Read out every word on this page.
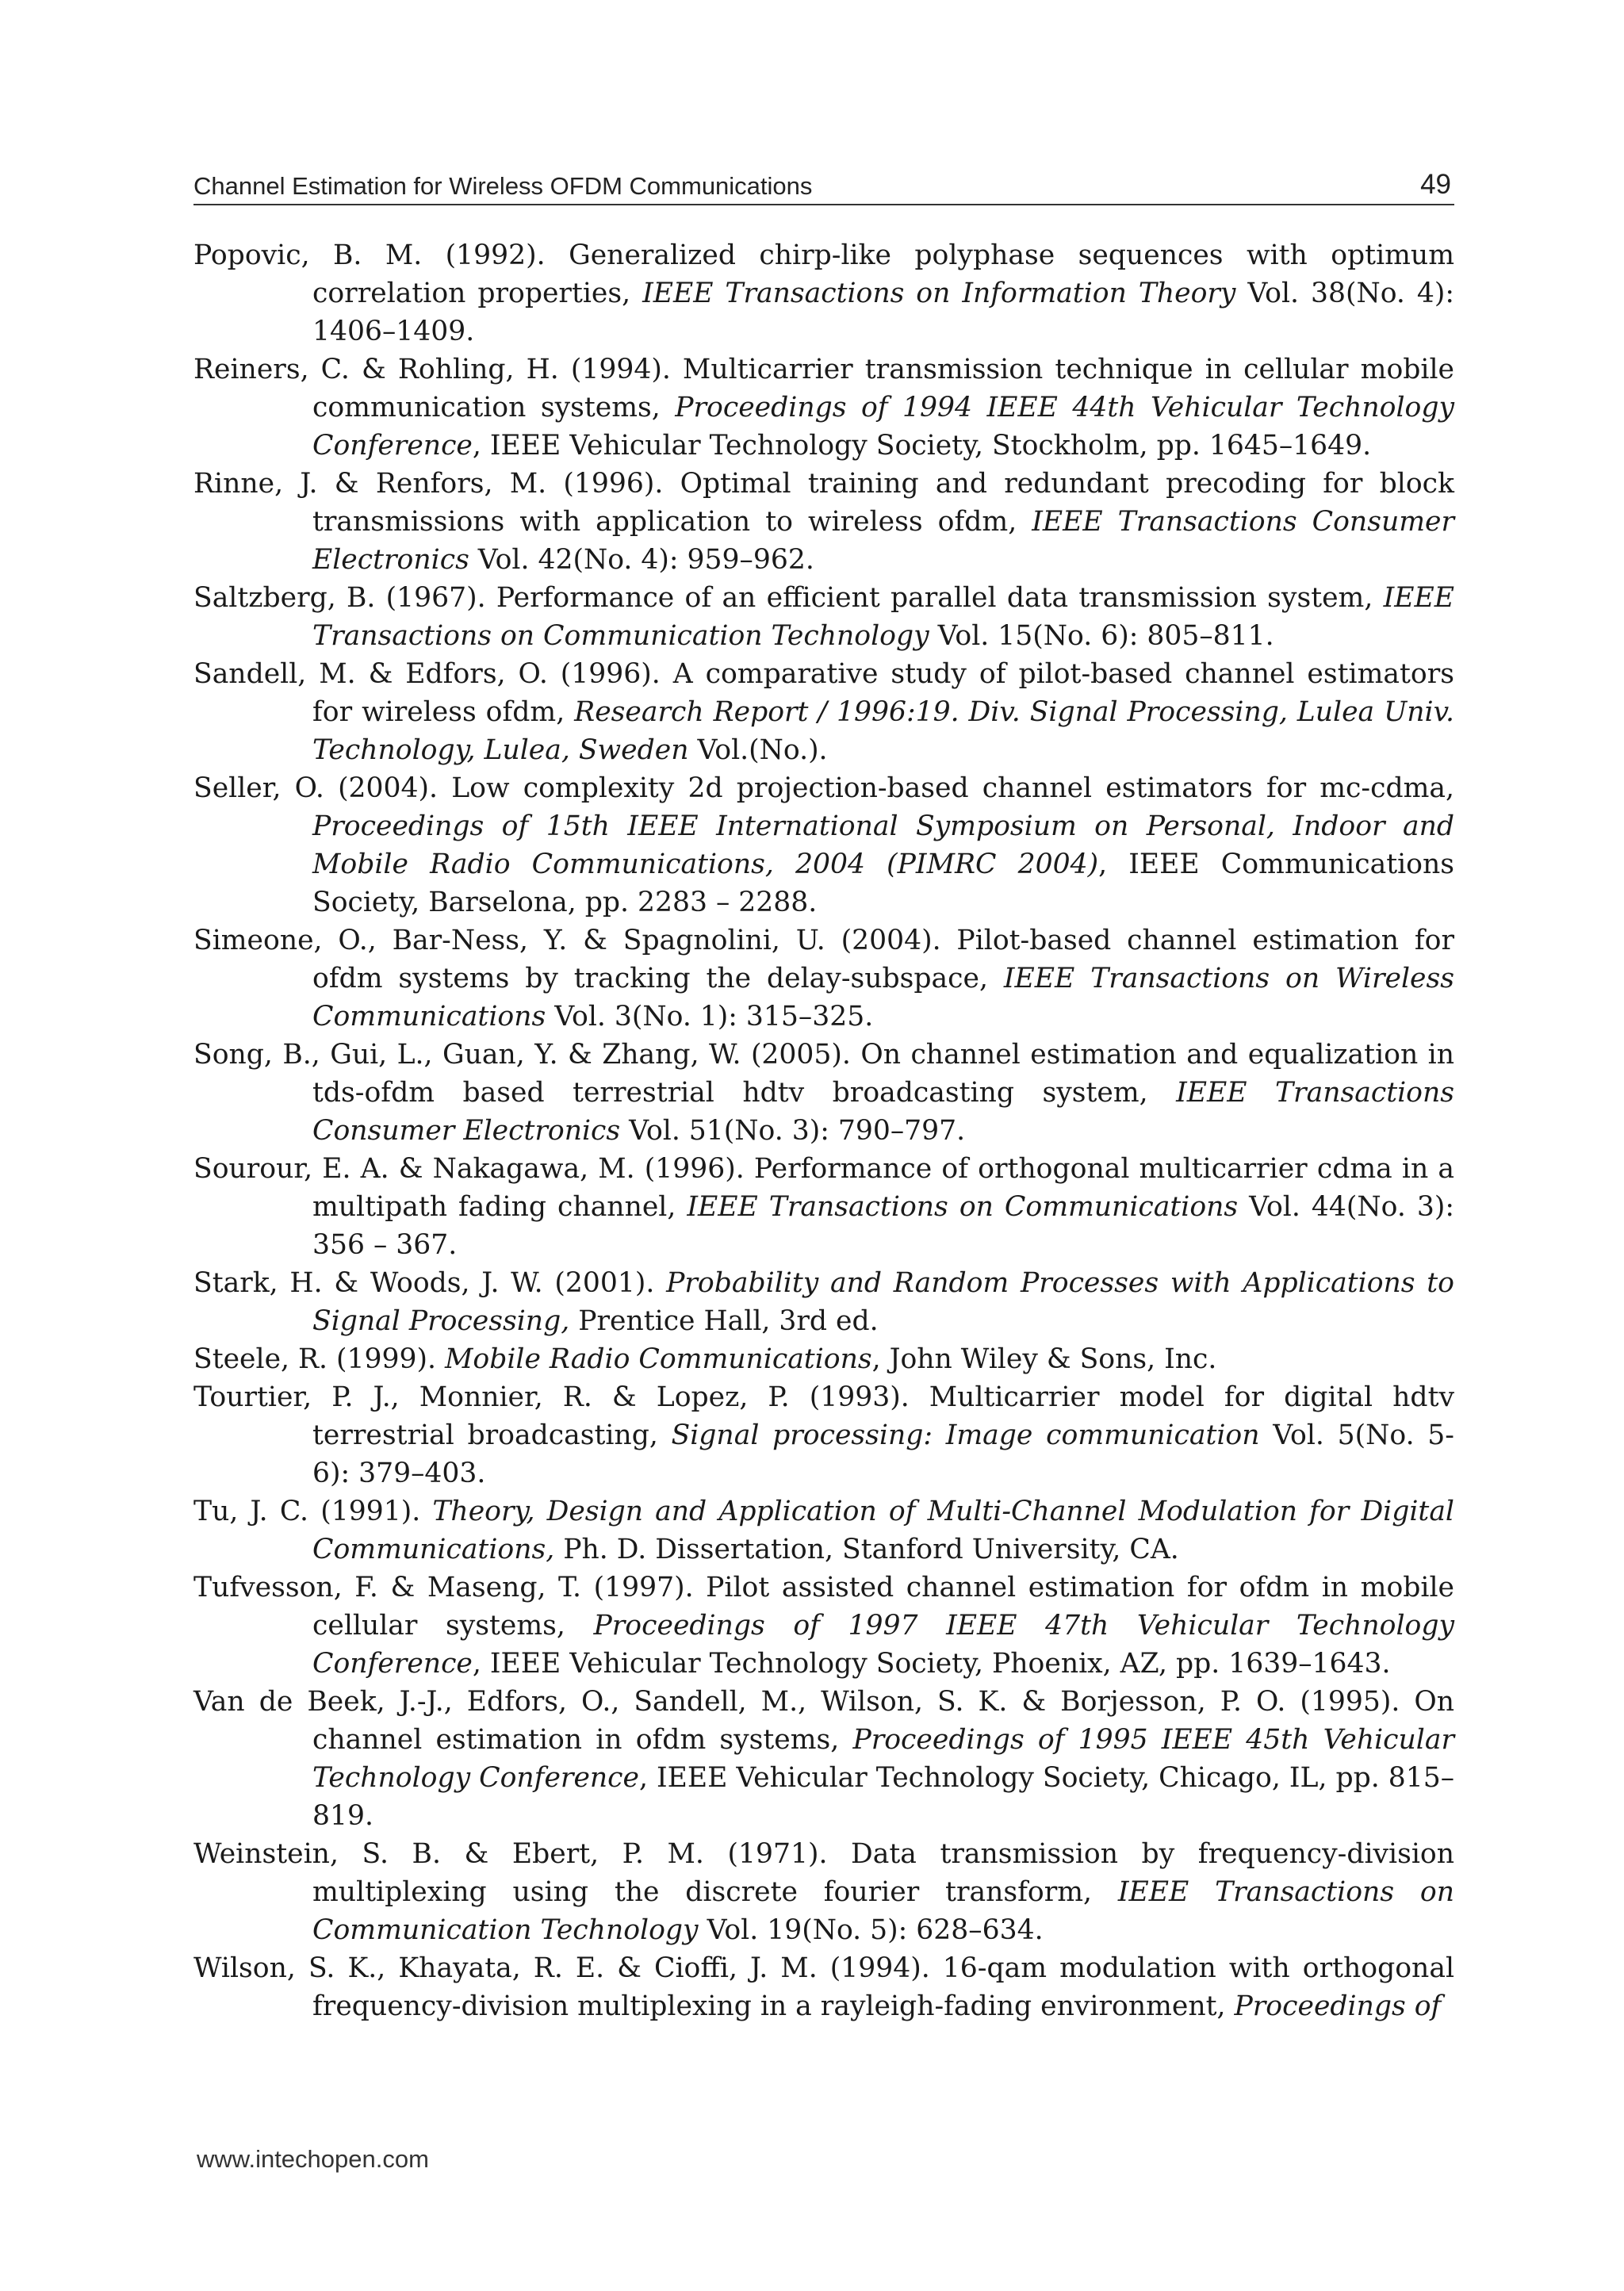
Channel Estimation for Wireless OFDM Communications	49
Popovic, B. M. (1992). Generalized chirp-like polyphase sequences with optimum correlation properties, IEEE Transactions on Information Theory Vol. 38(No. 4): 1406–1409.
Reiners, C. & Rohling, H. (1994). Multicarrier transmission technique in cellular mobile communication systems, Proceedings of 1994 IEEE 44th Vehicular Technology Conference, IEEE Vehicular Technology Society, Stockholm, pp. 1645–1649.
Rinne, J. & Renfors, M. (1996). Optimal training and redundant precoding for block transmissions with application to wireless ofdm, IEEE Transactions Consumer Electronics Vol. 42(No. 4): 959–962.
Saltzberg, B. (1967). Performance of an efficient parallel data transmission system, IEEE Transactions on Communication Technology Vol. 15(No. 6): 805–811.
Sandell, M. & Edfors, O. (1996). A comparative study of pilot-based channel estimators for wireless ofdm, Research Report / 1996:19. Div. Signal Processing, Lulea Univ. Technology, Lulea, Sweden Vol.(No.).
Seller, O. (2004). Low complexity 2d projection-based channel estimators for mc-cdma, Proceedings of 15th IEEE International Symposium on Personal, Indoor and Mobile Radio Communications, 2004 (PIMRC 2004), IEEE Communications Society, Barselona, pp. 2283 – 2288.
Simeone, O., Bar-Ness, Y. & Spagnolini, U. (2004). Pilot-based channel estimation for ofdm systems by tracking the delay-subspace, IEEE Transactions on Wireless Communications Vol. 3(No. 1): 315–325.
Song, B., Gui, L., Guan, Y. & Zhang, W. (2005). On channel estimation and equalization in tds-ofdm based terrestrial hdtv broadcasting system, IEEE Transactions Consumer Electronics Vol. 51(No. 3): 790–797.
Sourour, E. A. & Nakagawa, M. (1996). Performance of orthogonal multicarrier cdma in a multipath fading channel, IEEE Transactions on Communications Vol. 44(No. 3): 356 – 367.
Stark, H. & Woods, J. W. (2001). Probability and Random Processes with Applications to Signal Processing, Prentice Hall, 3rd ed.
Steele, R. (1999). Mobile Radio Communications, John Wiley & Sons, Inc.
Tourtier, P. J., Monnier, R. & Lopez, P. (1993). Multicarrier model for digital hdtv terrestrial broadcasting, Signal processing: Image communication Vol. 5(No. 5-6): 379–403.
Tu, J. C. (1991). Theory, Design and Application of Multi-Channel Modulation for Digital Communications, Ph. D. Dissertation, Stanford University, CA.
Tufvesson, F. & Maseng, T. (1997). Pilot assisted channel estimation for ofdm in mobile cellular systems, Proceedings of 1997 IEEE 47th Vehicular Technology Conference, IEEE Vehicular Technology Society, Phoenix, AZ, pp. 1639–1643.
Van de Beek, J.-J., Edfors, O., Sandell, M., Wilson, S. K. & Borjesson, P. O. (1995). On channel estimation in ofdm systems, Proceedings of 1995 IEEE 45th Vehicular Technology Conference, IEEE Vehicular Technology Society, Chicago, IL, pp. 815–819.
Weinstein, S. B. & Ebert, P. M. (1971). Data transmission by frequency-division multiplexing using the discrete fourier transform, IEEE Transactions on Communication Technology Vol. 19(No. 5): 628–634.
Wilson, S. K., Khayata, R. E. & Cioffi, J. M. (1994). 16-qam modulation with orthogonal frequency-division multiplexing in a rayleigh-fading environment, Proceedings of
www.intechopen.com
